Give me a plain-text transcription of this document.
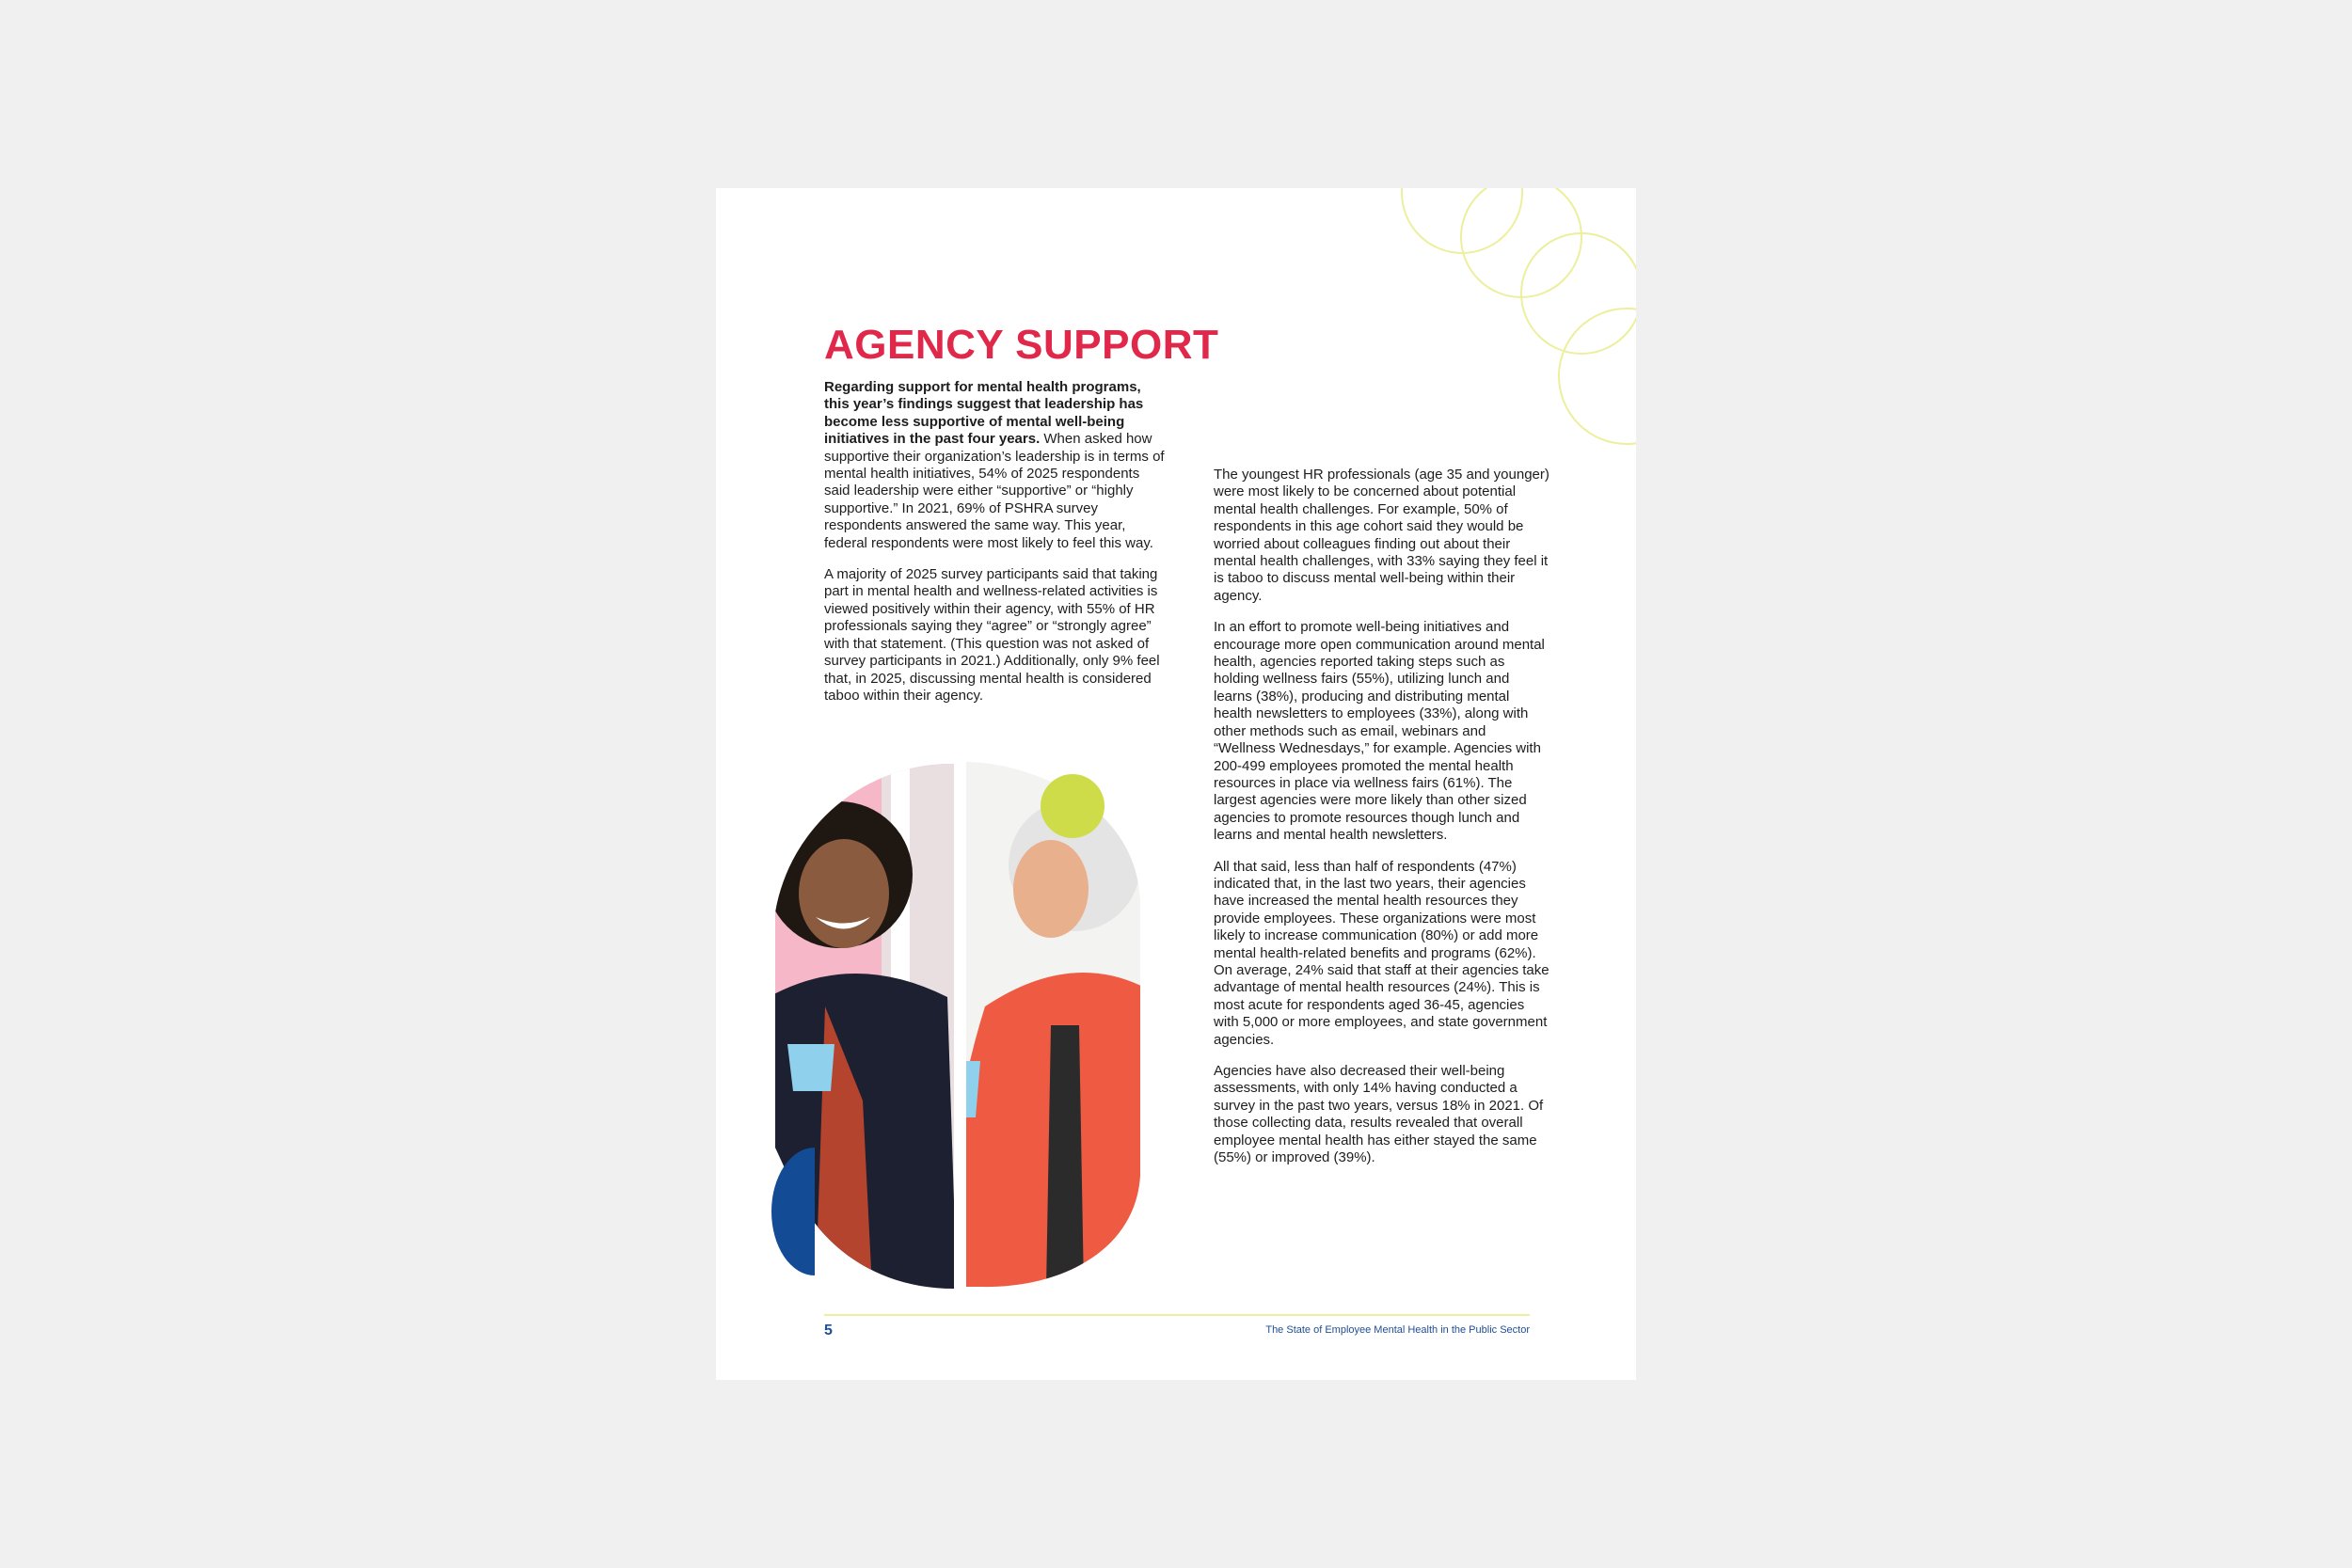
AGENCY SUPPORT

Regarding support for mental health programs, this year’s findings suggest that leadership has become less supportive of mental well-being initiatives in the past four years. When asked how supportive their organization’s leadership is in terms of mental health initiatives, 54% of 2025 respondents said leadership were either “supportive” or “highly supportive.” In 2021, 69% of PSHRA survey respondents answered the same way. This year, federal respondents were most likely to feel this way.

A majority of 2025 survey participants said that taking part in mental health and wellness-related activities is viewed positively within their agency, with 55% of HR professionals saying they “agree” or “strongly agree” with that statement. (This question was not asked of survey participants in 2021.) Additionally, only 9% feel that, in 2025, discussing mental health is considered taboo within their agency.

The youngest HR professionals (age 35 and younger) were most likely to be concerned about potential mental health challenges. For example, 50% of respondents in this age cohort said they would be worried about colleagues finding out about their mental health challenges, with 33% saying they feel it is taboo to discuss mental well-being within their agency.

In an effort to promote well-being initiatives and encourage more open communication around mental health, agencies reported taking steps such as holding wellness fairs (55%), utilizing lunch and learns (38%), producing and distributing mental health newsletters to employees (33%), along with other methods such as email, webinars and “Wellness Wednesdays,” for example. Agencies with 200-499 employees promoted the mental health resources in place via wellness fairs (61%). The largest agencies were more likely than other sized agencies to promote resources though lunch and learns and mental health newsletters.

All that said, less than half of respondents (47%) indicated that, in the last two years, their agencies have increased the mental health resources they provide employees. These organizations were most likely to increase communication (80%) or add more mental health-related benefits and programs (62%). On average, 24% said that staff at their agencies take advantage of mental health resources (24%). This is most acute for respondents aged 36-45, agencies with 5,000 or more employees, and state government agencies.

Agencies have also decreased their well-being assessments, with only 14% having conducted a survey in the past two years, versus 18% in 2021. Of those collecting data, results revealed that overall employee mental health has either stayed the same (55%) or improved (39%).

5	The State of Employee Mental Health in the Public Sector
